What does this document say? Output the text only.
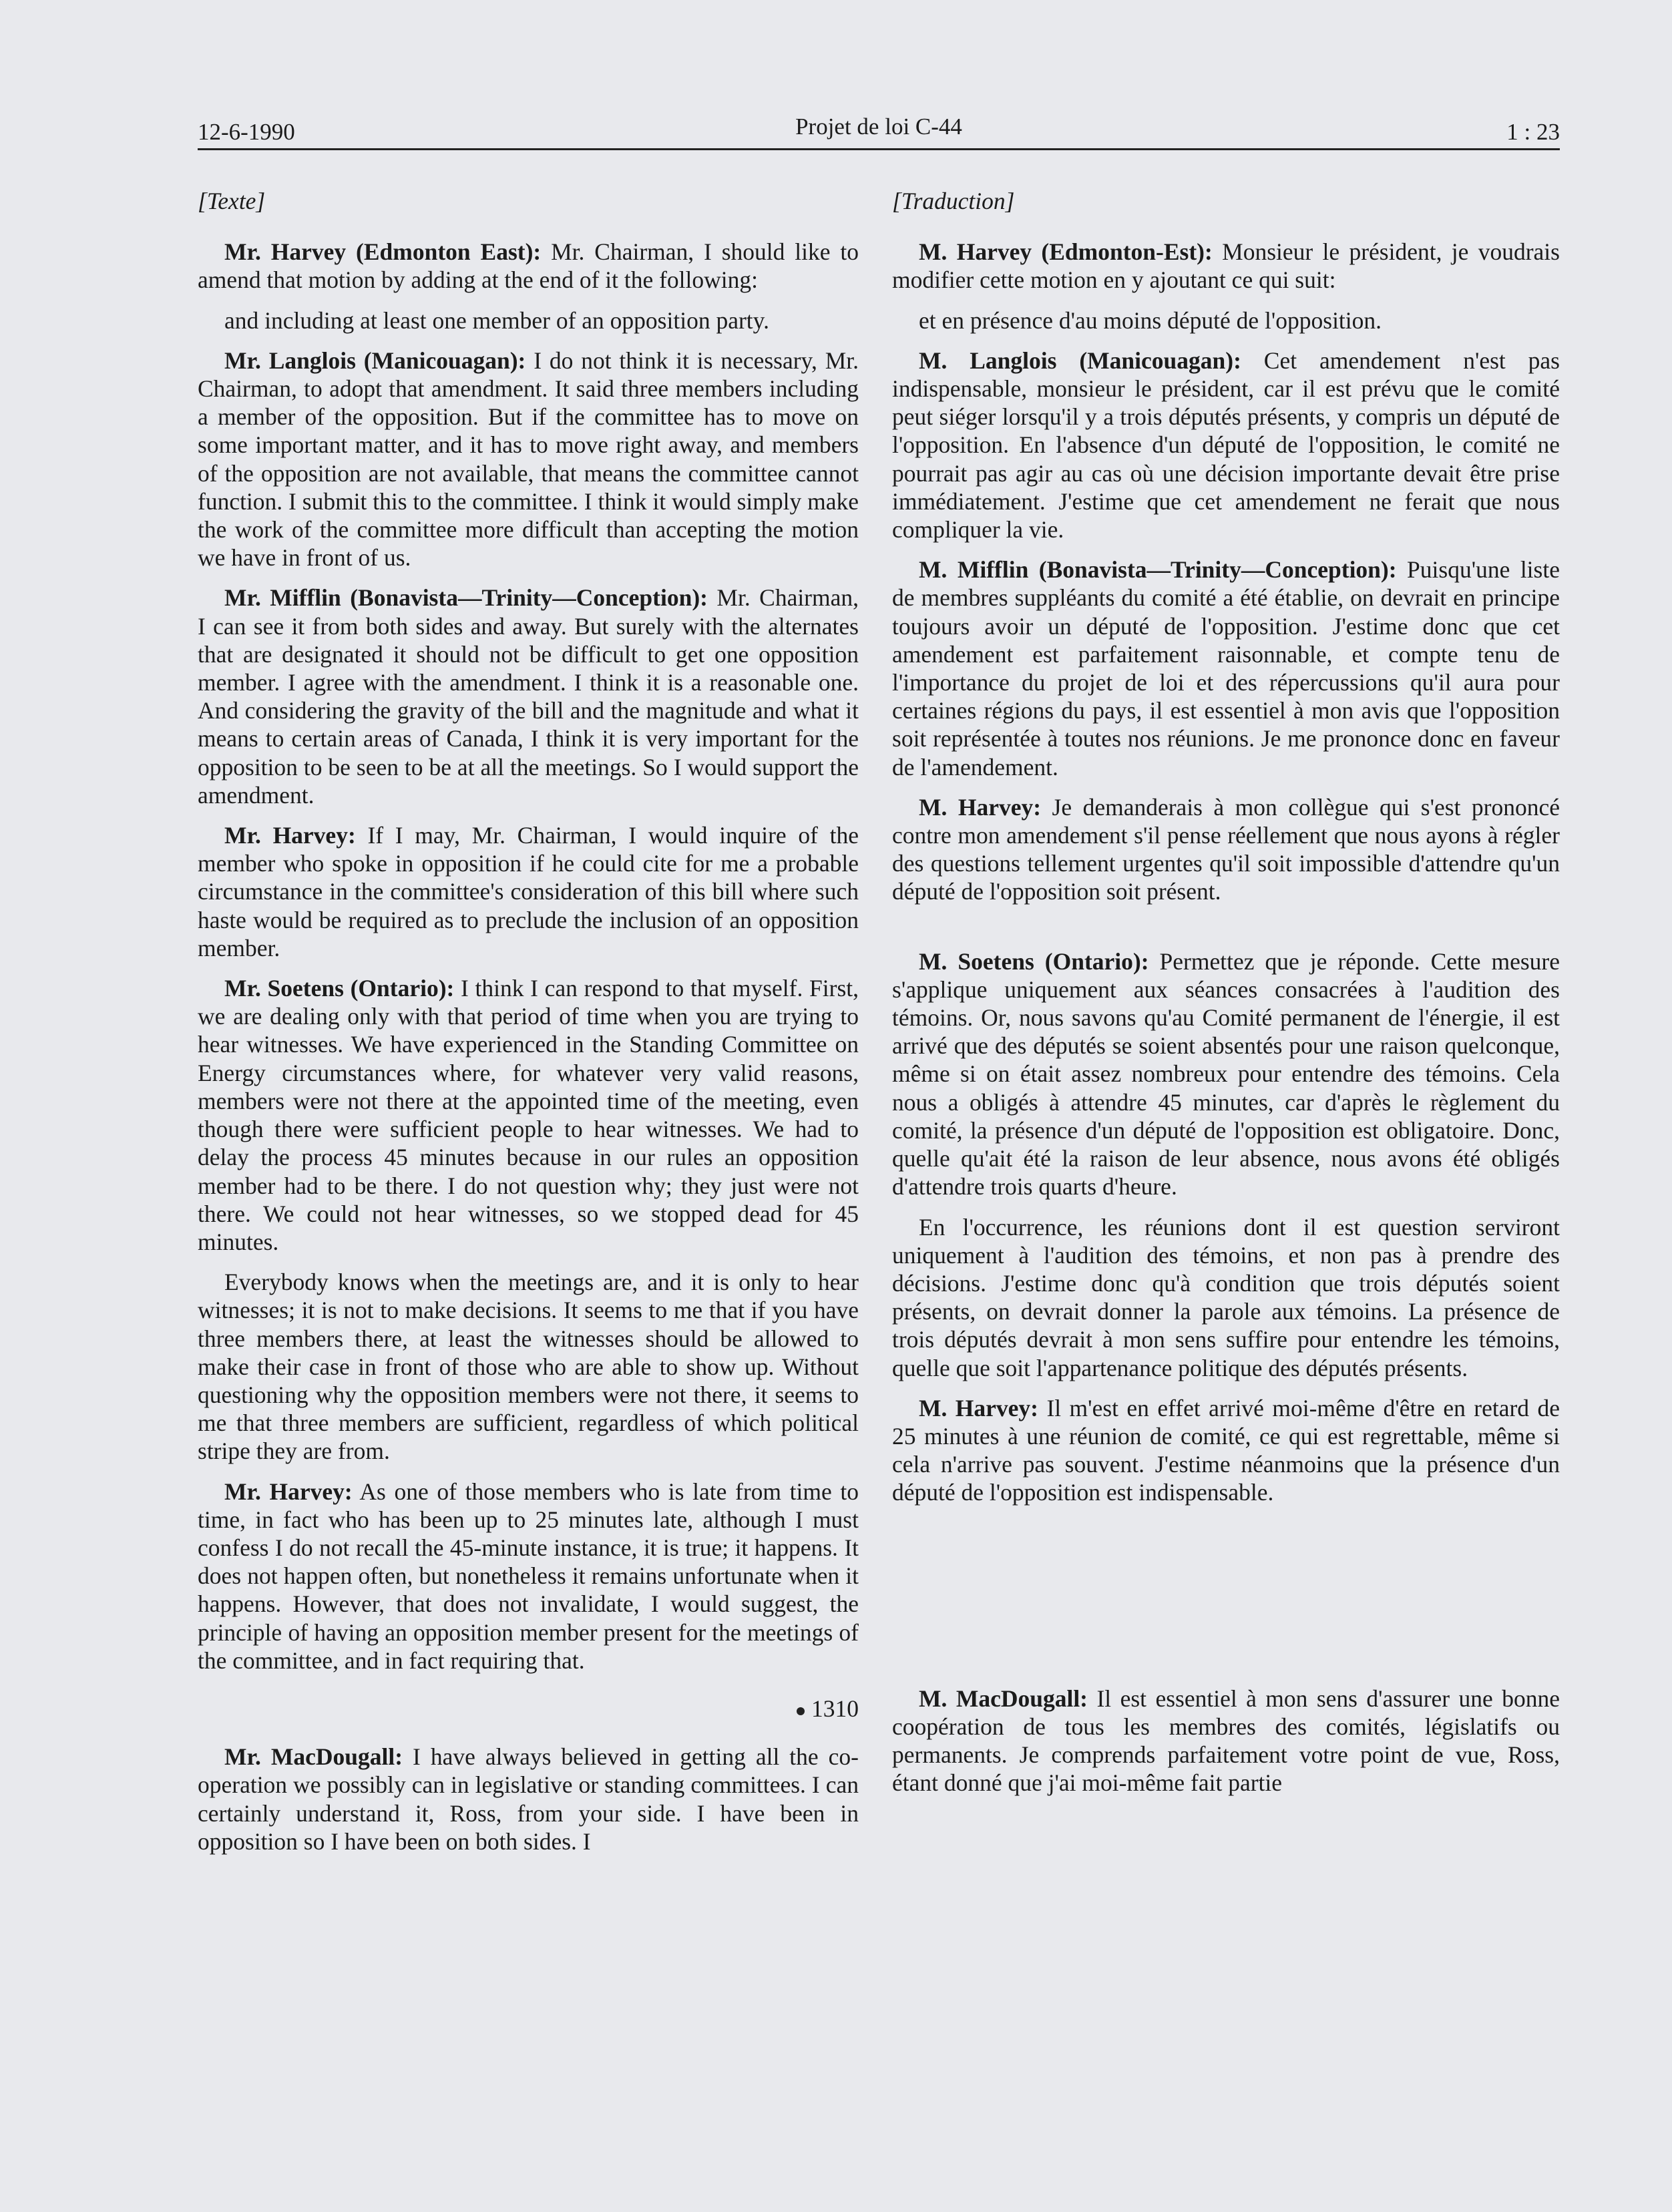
12-6-1990	Projet de loi C-44	1 : 23
[Texte]

Mr. Harvey (Edmonton East): Mr. Chairman, I should like to amend that motion by adding at the end of it the following:

and including at least one member of an opposition party.

Mr. Langlois (Manicouagan): I do not think it is necessary, Mr. Chairman, to adopt that amendment. It said three members including a member of the opposition. But if the committee has to move on some important matter, and it has to move right away, and members of the opposition are not available, that means the committee cannot function. I submit this to the committee. I think it would simply make the work of the committee more difficult than accepting the motion we have in front of us.

Mr. Mifflin (Bonavista—Trinity—Conception): Mr. Chairman, I can see it from both sides and away. But surely with the alternates that are designated it should not be difficult to get one opposition member. I agree with the amendment. I think it is a reasonable one. And considering the gravity of the bill and the magnitude and what it means to certain areas of Canada, I think it is very important for the opposition to be seen to be at all the meetings. So I would support the amendment.

Mr. Harvey: If I may, Mr. Chairman, I would inquire of the member who spoke in opposition if he could cite for me a probable circumstance in the committee's consideration of this bill where such haste would be required as to preclude the inclusion of an opposition member.

Mr. Soetens (Ontario): I think I can respond to that myself. First, we are dealing only with that period of time when you are trying to hear witnesses. We have experienced in the Standing Committee on Energy circumstances where, for whatever very valid reasons, members were not there at the appointed time of the meeting, even though there were sufficient people to hear witnesses. We had to delay the process 45 minutes because in our rules an opposition member had to be there. I do not question why; they just were not there. We could not hear witnesses, so we stopped dead for 45 minutes.

Everybody knows when the meetings are, and it is only to hear witnesses; it is not to make decisions. It seems to me that if you have three members there, at least the witnesses should be allowed to make their case in front of those who are able to show up. Without questioning why the opposition members were not there, it seems to me that three members are sufficient, regardless of which political stripe they are from.

Mr. Harvey: As one of those members who is late from time to time, in fact who has been up to 25 minutes late, although I must confess I do not recall the 45-minute instance, it is true; it happens. It does not happen often, but nonetheless it remains unfortunate when it happens. However, that does not invalidate, I would suggest, the principle of having an opposition member present for the meetings of the committee, and in fact requiring that.

1310

Mr. MacDougall: I have always believed in getting all the co-operation we possibly can in legislative or standing committees. I can certainly understand it, Ross, from your side. I have been in opposition so I have been on both sides. I

[Traduction]

M. Harvey (Edmonton-Est): Monsieur le président, je voudrais modifier cette motion en y ajoutant ce qui suit:

et en présence d'au moins député de l'opposition.

M. Langlois (Manicouagan): Cet amendement n'est pas indispensable, monsieur le président, car il est prévu que le comité peut siéger lorsqu'il y a trois députés présents, y compris un député de l'opposition. En l'absence d'un député de l'opposition, le comité ne pourrait pas agir au cas où une décision importante devait être prise immédiatement. J'estime que cet amendement ne ferait que nous compliquer la vie.

M. Mifflin (Bonavista—Trinity—Conception): Puisqu'une liste de membres suppléants du comité a été établie, on devrait en principe toujours avoir un député de l'opposition. J'estime donc que cet amendement est parfaitement raisonnable, et compte tenu de l'importance du projet de loi et des répercussions qu'il aura pour certaines régions du pays, il est essentiel à mon avis que l'opposition soit représentée à toutes nos réunions. Je me prononce donc en faveur de l'amendement.

M. Harvey: Je demanderais à mon collègue qui s'est prononcé contre mon amendement s'il pense réellement que nous ayons à régler des questions tellement urgentes qu'il soit impossible d'attendre qu'un député de l'opposition soit présent.

M. Soetens (Ontario): Permettez que je réponde. Cette mesure s'applique uniquement aux séances consacrées à l'audition des témoins. Or, nous savons qu'au Comité permanent de l'énergie, il est arrivé que des députés se soient absentés pour une raison quelconque, même si on était assez nombreux pour entendre des témoins. Cela nous a obligés à attendre 45 minutes, car d'après le règlement du comité, la présence d'un député de l'opposition est obligatoire. Donc, quelle qu'ait été la raison de leur absence, nous avons été obligés d'attendre trois quarts d'heure.

En l'occurrence, les réunions dont il est question serviront uniquement à l'audition des témoins, et non pas à prendre des décisions. J'estime donc qu'à condition que trois députés soient présents, on devrait donner la parole aux témoins. La présence de trois députés devrait à mon sens suffire pour entendre les témoins, quelle que soit l'appartenance politique des députés présents.

M. Harvey: Il m'est en effet arrivé moi-même d'être en retard de 25 minutes à une réunion de comité, ce qui est regrettable, même si cela n'arrive pas souvent. J'estime néanmoins que la présence d'un député de l'opposition est indispensable.

M. MacDougall: Il est essentiel à mon sens d'assurer une bonne coopération de tous les membres des comités, législatifs ou permanents. Je comprends parfaitement votre point de vue, Ross, étant donné que j'ai moi-même fait partie
